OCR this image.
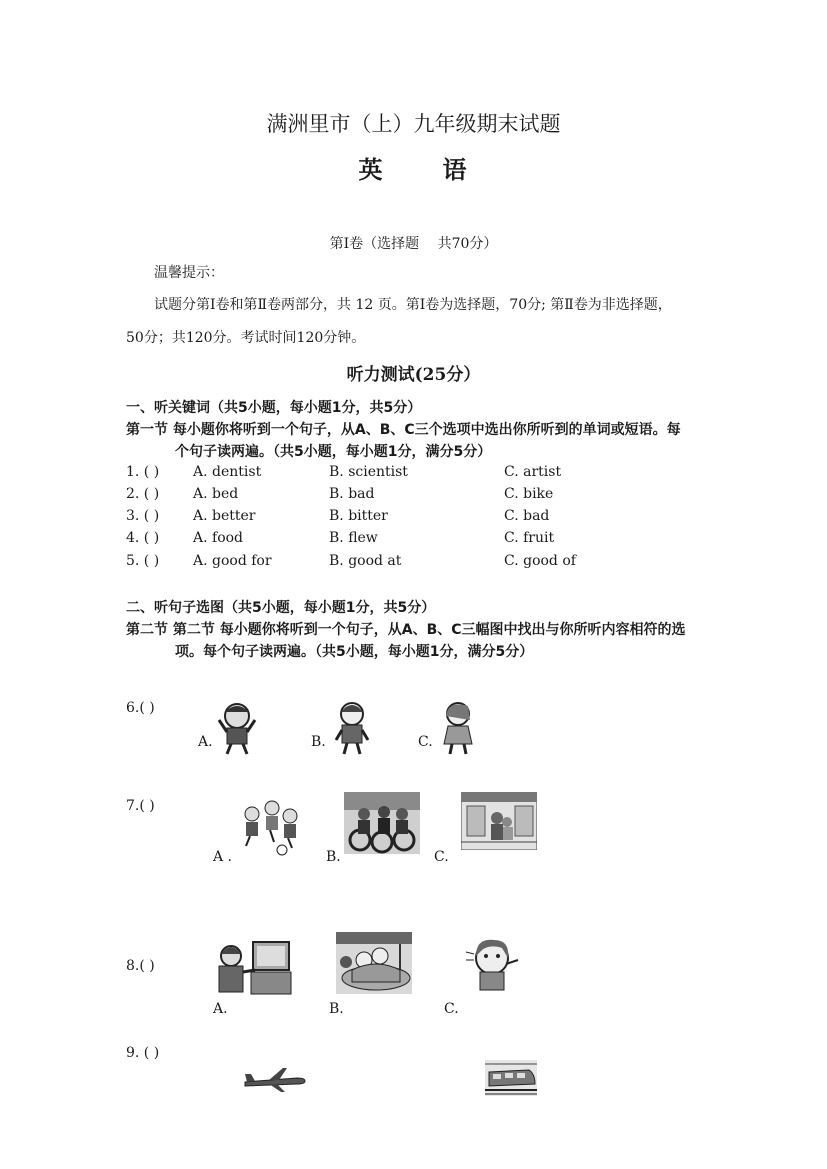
满洲里市（上）九年级期末试题
英 语
第Ⅰ卷（选择题　 共70分）
温馨提示：
试题分第Ⅰ卷和第Ⅱ卷两部分，共 12 页。第Ⅰ卷为选择题，70分; 第Ⅱ卷为非选择题，
50分；共120分。考试时间120分钟。
听力测试(25分）
一、听关键词（共5小题，每小题1分，共5分）
第一节 每小题你将听到一个句子，从A、B、C三个选项中选出你所听到的单词或短语。每
个句子读两遍。（共5小题，每小题1分，满分5分）
1. ( ) A. dentist	B. scientist	C. artist
2. ( ) A. bed	B. bad	C. bike
3. ( ) A. better	B. bitter	C. bad
4. ( ) A. food	B. flew	C. fruit
5. ( ) A. good for	B. good at	C. good of
二、听句子选图（共5小题，每小题1分，共5分）
第二节 第二节 每小题你将听到一个句子，从A、B、C三幅图中找出与你所听内容相符的选
项。每个句子读两遍。（共5小题，每小题1分，满分5分）
6.( )
A.	B.	C.
7.( )
A .	B.	C.
8.( )
A.	B.	C.
9. ( )
